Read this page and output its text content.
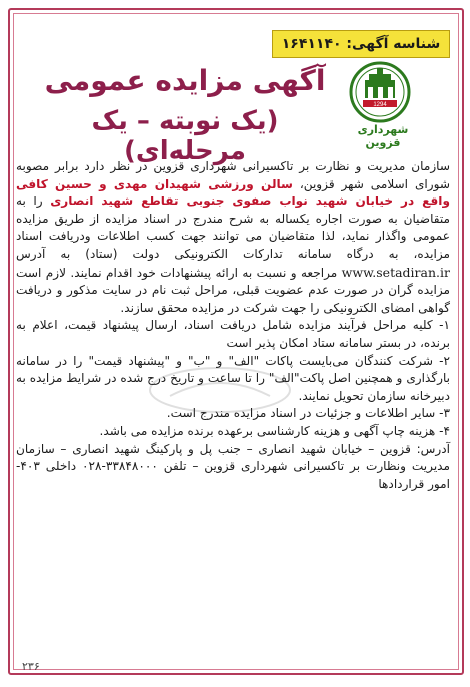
شناسه آگهی: ۱۶۴۱۱۴۰
1294
شهرداری قزوین
آگهی مزایده عمومی
(یک نوبته – یک مرحله‌ای)

سازمان مدیریت و نظارت بر تاکسیرانی شهرداری قزوین در نظر دارد برابر مصوبه شورای اسلامی شهر قزوین، سالن ورزشی شهیدان مهدی و حسین کافی واقع در خیابان شهید نواب صفوی جنوبی تقاطع شهید انصاری را به متقاضیان به صورت اجاره یکساله به شرح مندرج در اسناد مزایده از طریق مزایده عمومی واگذار نماید، لذا متقاضیان می توانند جهت کسب اطلاعات ودریافت اسناد مزایده، به درگاه سامانه تدارکات الکترونیکی دولت (ستاد) به آدرس www.setadiran.ir مراجعه و نسبت به ارائه پیشنهادات خود اقدام نمایند. لازم است مزایده گران در صورت عدم عضویت قبلی، مراحل ثبت نام در سایت مذکور و دریافت گواهی امضای الکترونیکی را جهت شرکت در مزایده محقق سازند.

۱- کلیه مراحل فرآیند مزایده شامل دریافت اسناد، ارسال پیشنهاد قیمت، اعلام به برنده، در بستر سامانه ستاد امکان پذیر است

۲- شرکت کنندگان می‌بایست پاکات "الف" و "ب" و "پیشنهاد قیمت" را در سامانه بارگذاری و همچنین اصل پاکت"الف" را تا ساعت و تاریخ درج شده در شرایط مزایده به دبیرخانه سازمان تحویل نمایند.

۳- سایر اطلاعات و جزئیات در اسناد مزایده مندرج است.

۴- هزینه چاپ آگهی و هزینه کارشناسی برعهده برنده مزایده می باشد.

آدرس: قزوین – خیابان شهید انصاری – جنب پل و پارکینگ شهید انصاری – سازمان مدیریت ونظارت بر تاکسیرانی شهرداری قزوین – تلفن ۳۳۸۴۸۰۰۰-۰۲۸ داخلی ۴۰۳- امور قراردادها

۲۳۶
